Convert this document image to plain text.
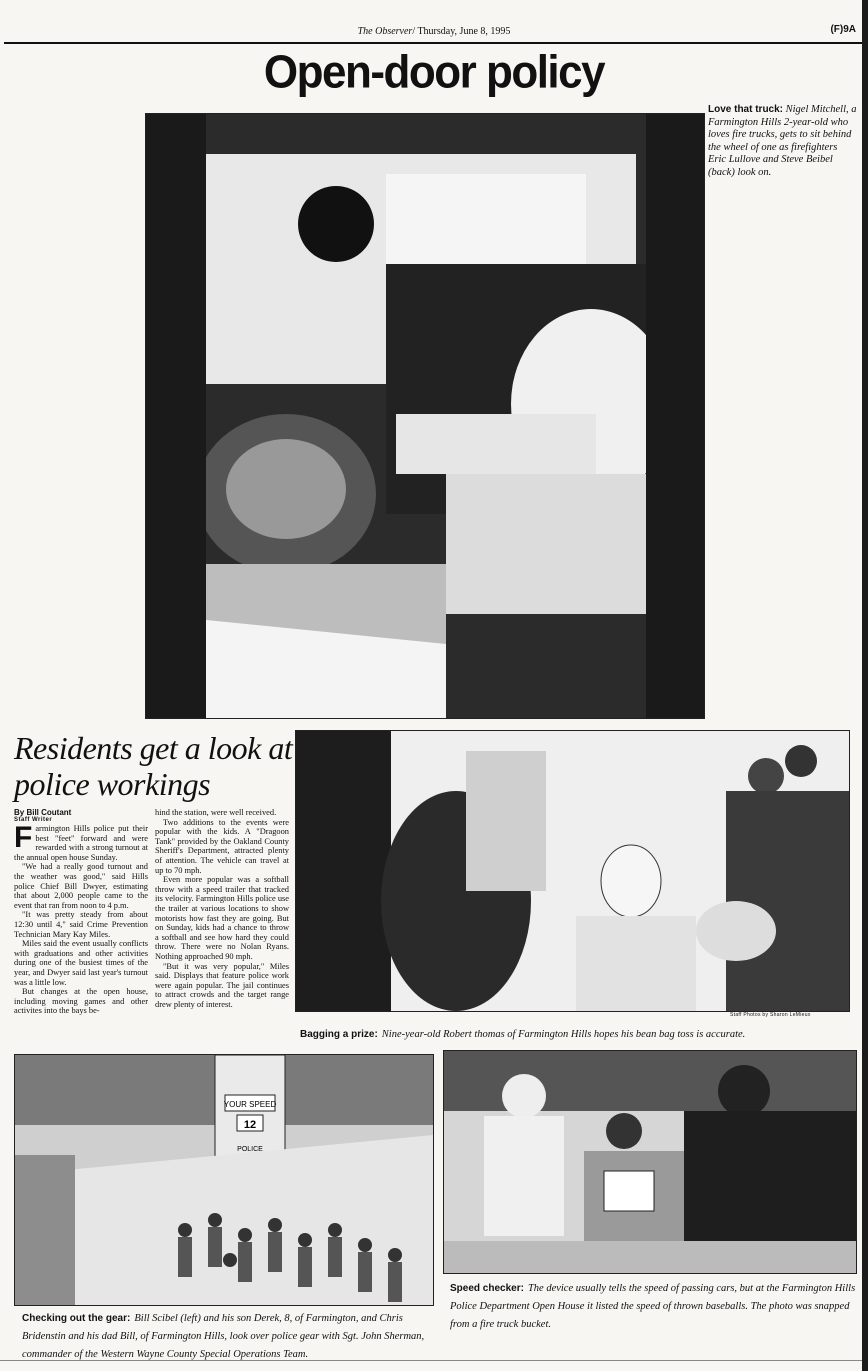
The Observer/ Thursday, June 8, 1995	(F)9A
Open-door policy
Love that truck: Nigel Mitchell, a Farmington Hills 2-year-old who loves fire trucks, gets to sit behind the wheel of one as firefighters Eric Lullove and Steve Beibel (back) look on.
Residents get a look at police workings
By Bill Coutant
Staff Writer
F armington Hills police put their best "feet" forward and were rewarded with a strong turnout at the annual open house Sunday.

"We had a really good turnout and the weather was good," said Hills police Chief Bill Dwyer, estimating that about 2,000 people came to the event that ran from noon to 4 p.m.

"It was pretty steady from about 12:30 until 4," said Crime Prevention Technician Mary Kay Miles.

Miles said the event usually conflicts with graduations and other activities during one of the busiest times of the year, and Dwyer said last year's turnout was a little low.

But changes at the open house, including moving games and other activites into the bays be-

hind the station, were well received.

Two additions to the events were popular with the kids. A "Dragoon Tank" provided by the Oakland County Sheriff's Department, attracted plenty of attention. The vehicle can travel at up to 70 mph.

Even more popular was a softball throw with a speed trailer that tracked its velocity. Farmington Hills police use the trailer at various locations to show motorists how fast they are going. But on Sunday, kids had a chance to throw a softball and see how hard they could throw. There were no Nolan Ryans. Nothing approached 90 mph.

"But it was very popular," Miles said. Displays that feature police work were again popular. The jail continues to attract crowds and the target range drew plenty of interest.

Staff Photos by Sharon LeMieux
Bagging a prize: Nine-year-old Robert thomas of Farmington Hills hopes his bean bag toss is accurate.
YOUR SPEED
12
POLICE
Checking out the gear: Bill Scibel (left) and his son Derek, 8, of Farmington, and Chris Bridenstin and his dad Bill, of Farmington Hills, look over police gear with Sgt. John Sherman, commander of the Western Wayne County Special Operations Team.
Speed checker: The device usually tells the speed of passing cars, but at the Farmington Hills Police Department Open House it listed the speed of thrown baseballs. The photo was snapped from a fire truck bucket.
